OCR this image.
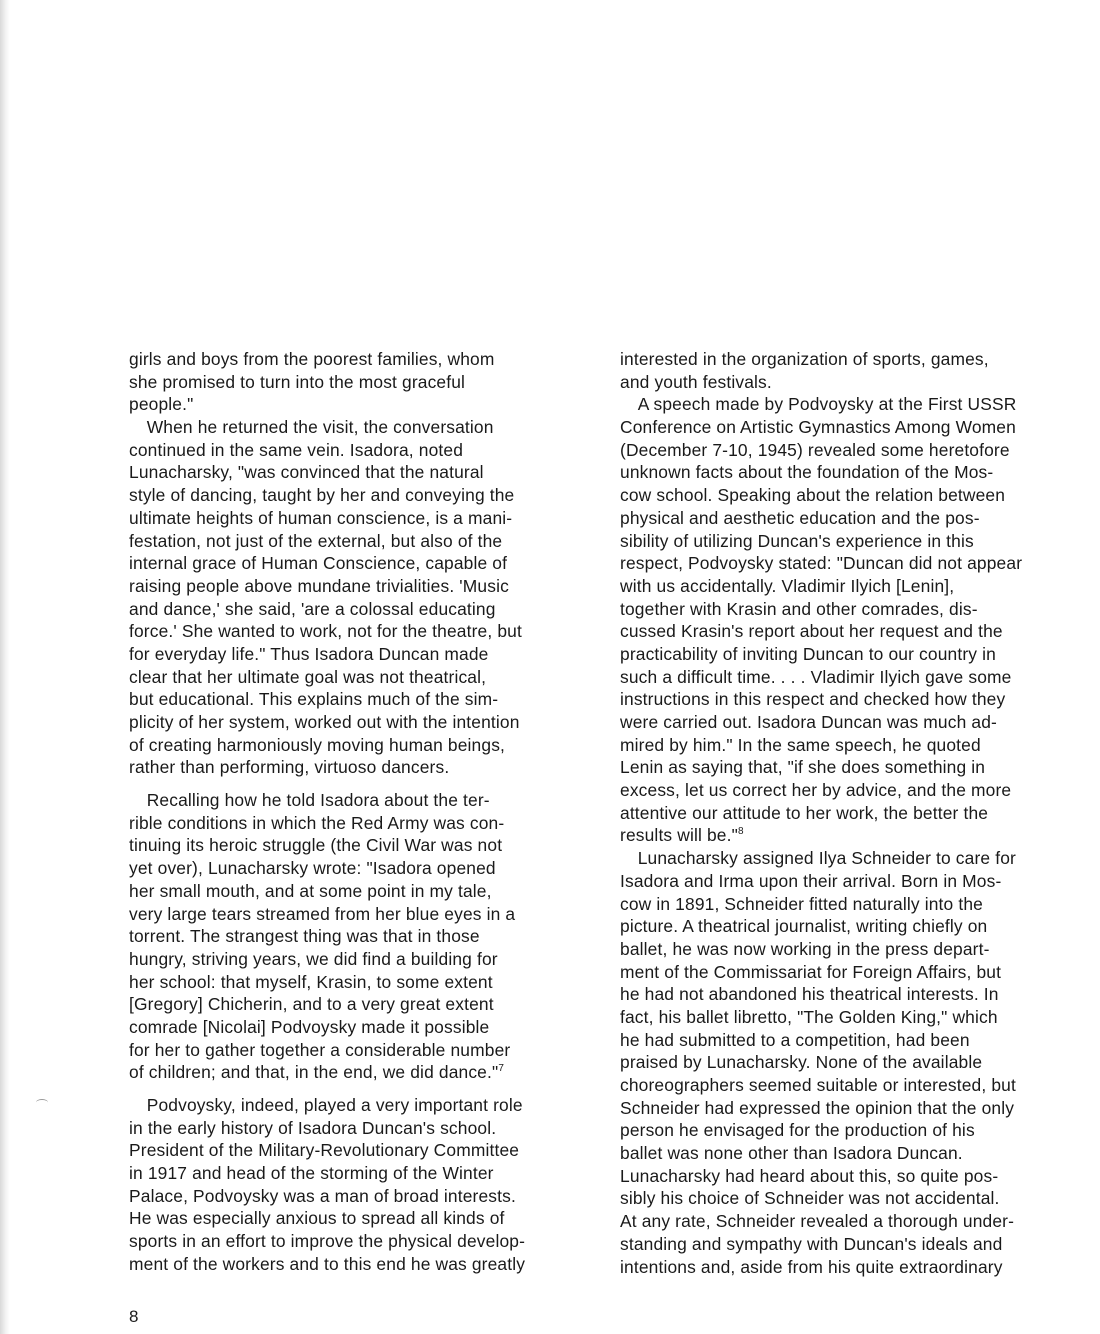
girls and boys from the poorest families, whom
she promised to turn into the most graceful
people."
  When he returned the visit, the conversation
continued in the same vein. Isadora, noted
Lunacharsky, "was convinced that the natural
style of dancing, taught by her and conveying the
ultimate heights of human conscience, is a mani-
festation, not just of the external, but also of the
internal grace of Human Conscience, capable of
raising people above mundane trivialities. 'Music
and dance,' she said, 'are a colossal educating
force.' She wanted to work, not for the theatre, but
for everyday life." Thus Isadora Duncan made
clear that her ultimate goal was not theatrical,
but educational. This explains much of the sim-
plicity of her system, worked out with the intention
of creating harmoniously moving human beings,
rather than performing, virtuoso dancers.
  Recalling how he told Isadora about the ter-
rible conditions in which the Red Army was con-
tinuing its heroic struggle (the Civil War was not
yet over), Lunacharsky wrote: "Isadora opened
her small mouth, and at some point in my tale,
very large tears streamed from her blue eyes in a
torrent. The strangest thing was that in those
hungry, striving years, we did find a building for
her school: that myself, Krasin, to some extent
[Gregory] Chicherin, and to a very great extent
comrade [Nicolai] Podvoysky made it possible
for her to gather together a considerable number
of children; and that, in the end, we did dance."$^7$
  Podvoysky, indeed, played a very important role
in the early history of Isadora Duncan's school.
President of the Military-Revolutionary Committee
in 1917 and head of the storming of the Winter
Palace, Podvoysky was a man of broad interests.
He was especially anxious to spread all kinds of
sports in an effort to improve the physical develop-
ment of the workers and to this end he was greatly
interested in the organization of sports, games,
and youth festivals.
  A speech made by Podvoysky at the First USSR
Conference on Artistic Gymnastics Among Women
(December 7-10, 1945) revealed some heretofore
unknown facts about the foundation of the Mos-
cow school. Speaking about the relation between
physical and aesthetic education and the pos-
sibility of utilizing Duncan's experience in this
respect, Podvoysky stated: "Duncan did not appear
with us accidentally. Vladimir Ilyich [Lenin],
together with Krasin and other comrades, dis-
cussed Krasin's report about her request and the
practicability of inviting Duncan to our country in
such a difficult time. . . . Vladimir Ilyich gave some
instructions in this respect and checked how they
were carried out. Isadora Duncan was much ad-
mired by him." In the same speech, he quoted
Lenin as saying that, "if she does something in
excess, let us correct her by advice, and the more
attentive our attitude to her work, the better the
results will be."$^8$
  Lunacharsky assigned Ilya Schneider to care for
Isadora and Irma upon their arrival. Born in Mos-
cow in 1891, Schneider fitted naturally into the
picture. A theatrical journalist, writing chiefly on
ballet, he was now working in the press depart-
ment of the Commissariat for Foreign Affairs, but
he had not abandoned his theatrical interests. In
fact, his ballet libretto, "The Golden King," which
he had submitted to a competition, had been
praised by Lunacharsky. None of the available
choreographers seemed suitable or interested, but
Schneider had expressed the opinion that the only
person he envisaged for the production of his
ballet was none other than Isadora Duncan.
Lunacharsky had heard about this, so quite pos-
sibly his choice of Schneider was not accidental.
At any rate, Schneider revealed a thorough under-
standing and sympathy with Duncan's ideals and
intentions and, aside from his quite extraordinary
8
